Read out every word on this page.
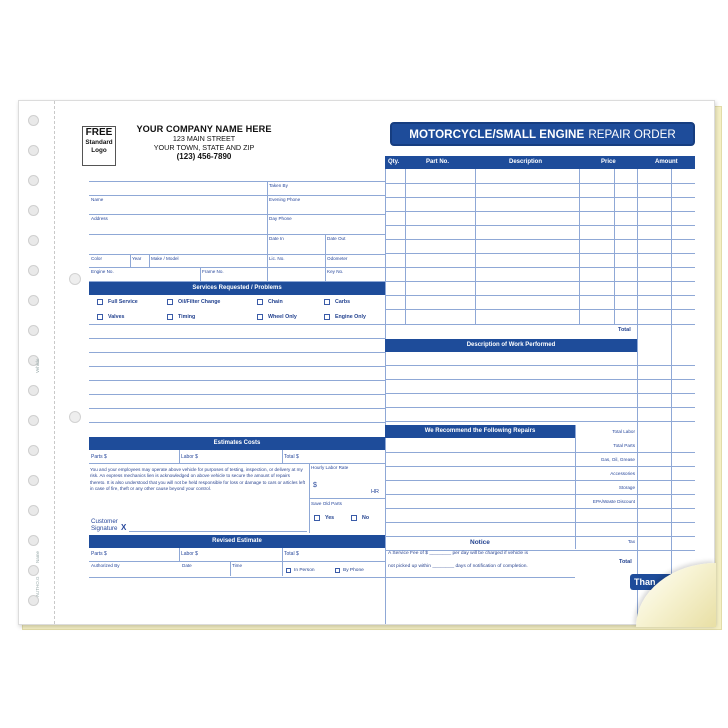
Vehicle
Name
AUTHO.G
FREE
Standard
Logo
YOUR COMPANY NAME HERE
123 MAIN STREET
YOUR TOWN, STATE AND ZIP
(123) 456-7890
MOTORCYCLE/SMALL ENGINE REPAIR ORDER
Qty.	Part No.	Description	Price	Amount
Total
Taken By
Name	Evening Phone
Address	Day Phone
Date In	Date Out
Color	Year Make / Model	Lic. No.	Odometer
Engine No.	Frame No.	Key No.
Services Requested / Problems
Full Service	Oil/Filter Change	Chain	Carbs
Valves	Timing	Wheel Only	Engine Only
Description of Work Performed
We Recommend the Following Repairs	Total Labor
Total Parts
Gas, Oil, Grease
Accessories
Storage
EPA/Waste Discount
Tax
Total
Estimates Costs
Parts $	Labor $	Total $
You and your employees may operate above vehicle for purposes of testing, inspection, or delivery at my risk. An express mechanics lien is acknowledged on above vehicle to secure the amount of repairs thereto. It is also understood that you will not be held responsible for loss or damage to cars or articles left in case of fire, theft or any other cause beyond your control.
Hourly Labor Rate
$
HR
Save Old Parts
Yes	No
Customer
Signature X
Revised Estimate
Parts $	Labor $	Total $
Authorized By	Date	Time
In Person	By Phone
Notice
A Service Fee of $ ________ per day will be charged if vehicle is
not picked up within ________ days of notification of completion.
Than
